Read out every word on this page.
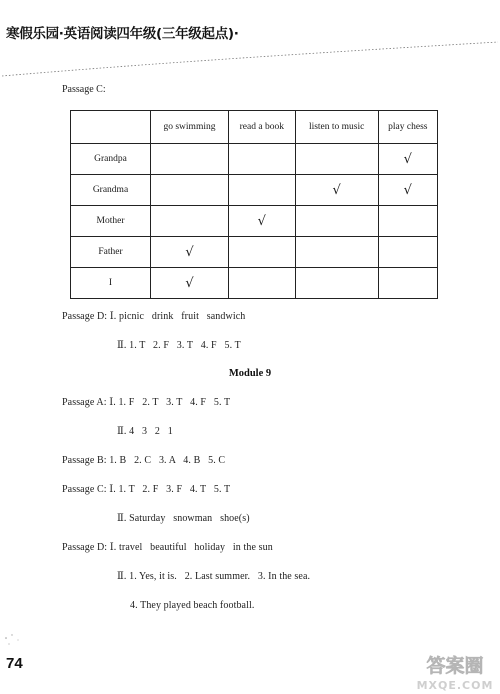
寒假乐园·英语阅读四年级(三年级起点)·
Passage C:
	go swimming	read a book	listen to music	play chess
Grandpa				√
Grandma			√	√
Mother		√		
Father	√			
I	√			
Passage D: Ⅰ. picnic   drink   fruit   sandwich
Ⅱ. 1. T   2. F   3. T   4. F   5. T
Module 9
Passage A: Ⅰ. 1. F   2. T   3. T   4. F   5. T
Ⅱ. 4   3   2   1
Passage B: 1. B   2. C   3. A   4. B   5. C
Passage C: Ⅰ. 1. T   2. F   3. F   4. T   5. T
Ⅱ. Saturday   snowman   shoe(s)
Passage D: Ⅰ. travel   beautiful   holiday   in the sun
Ⅱ. 1. Yes, it is.   2. Last summer.   3. In the sea.
4. They played beach football.
74	答案圈
MXQE.COM
